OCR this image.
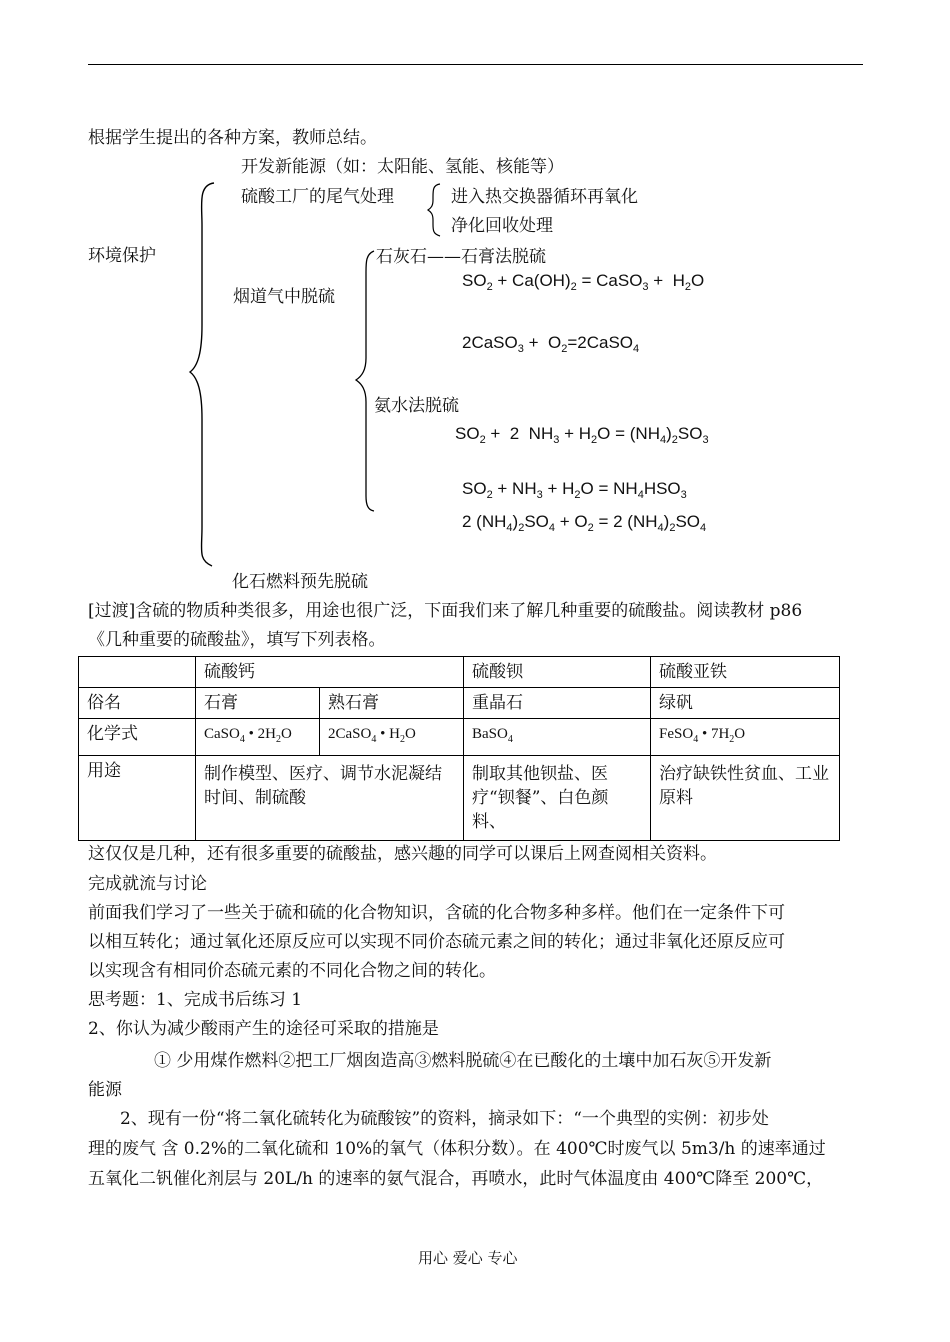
根据学生提出的各种方案，教师总结。
开发新能源（如：太阳能、氢能、核能等）
硫酸工厂的尾气处理	进入热交换器循环再氧化
净化回收处理
环境保护	石灰石——石膏法脱硫
烟道气中脱硫
$SO_2 + Ca(OH)_2$ = CaSO$_3$ +  $H_2O$
2CaSO$_3$ +  $O_2=2CaSO_4$
氨水法脱硫
$SO_2 + 2$  $NH_3 + H_2O = (NH_4)_2SO_3$
$SO_2 + NH_3 + H_2O = NH_4HSO_3$
2 $(NH_4)_2SO_4 + O_2 = 2$ $(NH_4)_2SO_4$
化石燃料预先脱硫
[过渡]含硫的物质种类很多，用途也很广泛，下面我们来了解几种重要的硫酸盐。阅读教材 p86
《几种重要的硫酸盐》，填写下列表格。
	硫酸钙		硫酸钡	硫酸亚铁
俗名	石膏	熟石膏	重晶石	绿矾
化学式	CaSO$_4$ • $2H_2O$	2CaSO$_4$ • $H_2O$	BaSO$_4$	FeSO$_4$ • $7H_2O$
用途	制作模型、医疗、调节水泥凝结时间、制硫酸		制取其他钡盐、医疗“钡餐”、白色颜料、	治疗缺铁性贫血、工业原料
这仅仅是几种，还有很多重要的硫酸盐，感兴趣的同学可以课后上网查阅相关资料。
完成就流与讨论
前面我们学习了一些关于硫和硫的化合物知识，含硫的化合物多种多样。他们在一定条件下可
以相互转化；通过氧化还原反应可以实现不同价态硫元素之间的转化；通过非氧化还原反应可
以实现含有相同价态硫元素的不同化合物之间的转化。
思考题：1、完成书后练习 1
2、你认为减少酸雨产生的途径可采取的措施是
① 少用煤作燃料②把工厂烟囱造高③燃料脱硫④在已酸化的土壤中加石灰⑤开发新
能源
2、现有一份“将二氧化硫转化为硫酸铵”的资料，摘录如下：“一个典型的实例：初步处
理的废气 含 0.2%的二氧化硫和 10%的氧气（体积分数）。在 400℃时废气以 5m3/h 的速率通过
五氧化二钒催化剂层与 20L/h 的速率的氨气混合，再喷水，此时气体温度由 400℃降至 200℃，
用心 爱心 专心
